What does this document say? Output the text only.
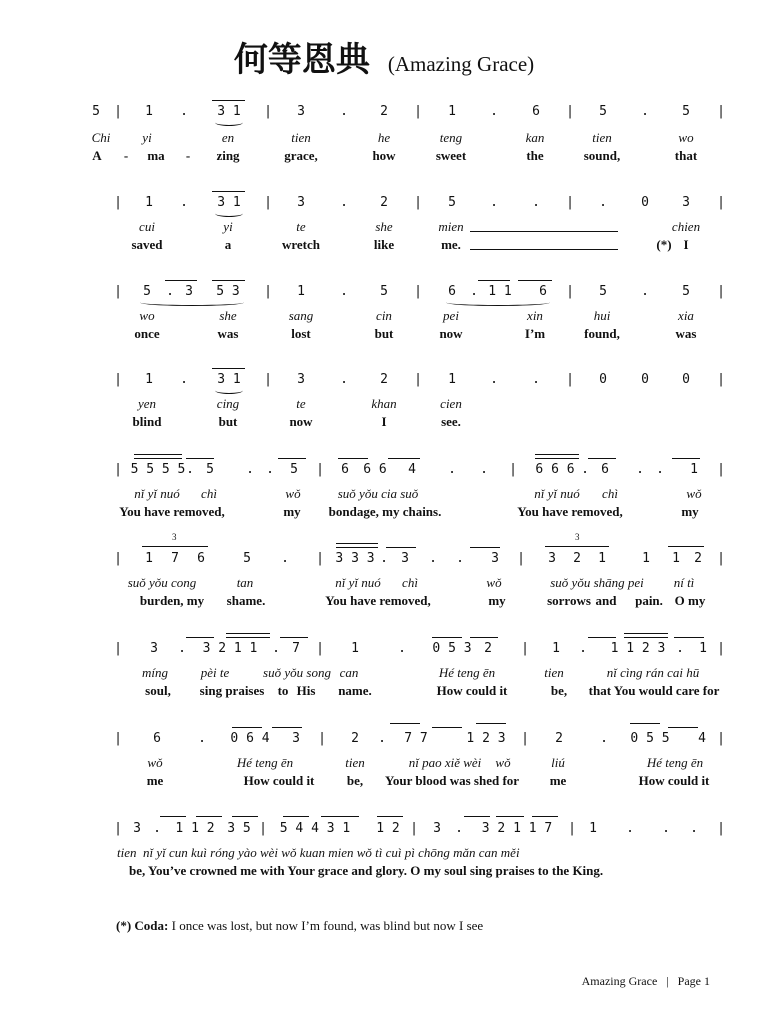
何等恩典 (Amazing Grace)
5 | 1 . 3 1 | 3	. 2 | 1	.	6 | 5	.	5 |
Chi yi	en	tien	he	teng	kan	tien	wo
A - ma - zing	grace,	how	sweet	the	sound,	that
| 1 . 3 1 | 3	. 2 | 5	.	. | .	0	3 |
cui	yi	te	she	mien	chien
saved	a	wretch	like	me.	(*) I
| 5 . 3 5 3 | 1	. 5 | 6 . 1 1 6 | 5	.	5 |
wo	she	sang	cin	pei	xin	hui	xia
once	was	lost	but	now	I’m	found,	was
| 1 . 3 1 | 3	. 2 | 1	.	. | 0	0	0 |
yen	cing	te	khan	cien
blind	but	now	I	see.
| 5 5 5 5 . 5 . . 5 | 6 6 6 4 . . | 6 6 6 . 6 . . 1 |
nǐ yǐ nuó chì	wǒ	suǒ yǒu cia suǒ	nǐ yǐ nuó chì	wǒ
You have removed,	my bondage, my chains.	You have removed,	my
3	3
| 1 7 6	5 . | 3 3 3 . 3 . . 3 | 3 2 1	1 1 2 |
suǒ yǒu cong	tan	nǐ yǐ nuó chì	wǒ	suǒ yǒu shāng pei ní tì
burden, my shame.	You have removed,	my	sorrows and pain. O my
| 3 . 3 2 1 1 . 7 | 1	. 0 5 3 2 | 1 . 1 1 2 3 . 1 |
míng	pèi te	suǒ yǒu song can	Hé teng ēn	tien	nǐ cìng rán cai hū
soul, sing praises to His name.	How could it	be, that You would care for
| 6	. 0 6 4 3 | 2 . 7 7	1 2 3 | 2	. 0 5 5 4 |
wǒ	Hé teng ēn	tien	nǐ pao xiě wèi wǒ	liú	Hé teng ēn
me	How could it be, Your blood was shed for me	How could it
| 3 . 1 1 2 3 5 | 5 4 4 3 1 1 2 | 3 . 3 2 1 1 7 | 1 . . . |
tien  nǐ yǐ cun kuì róng yào wèi wǒ kuan mien wǒ tì cuì pì chōng mǎn can měi
be, You’ve crowned me with Your grace and glory. O my soul sing praises to the King.
(*) Coda: I once was lost, but now I’m found, was blind but now I see
Amazing Grace   |   Page 1
